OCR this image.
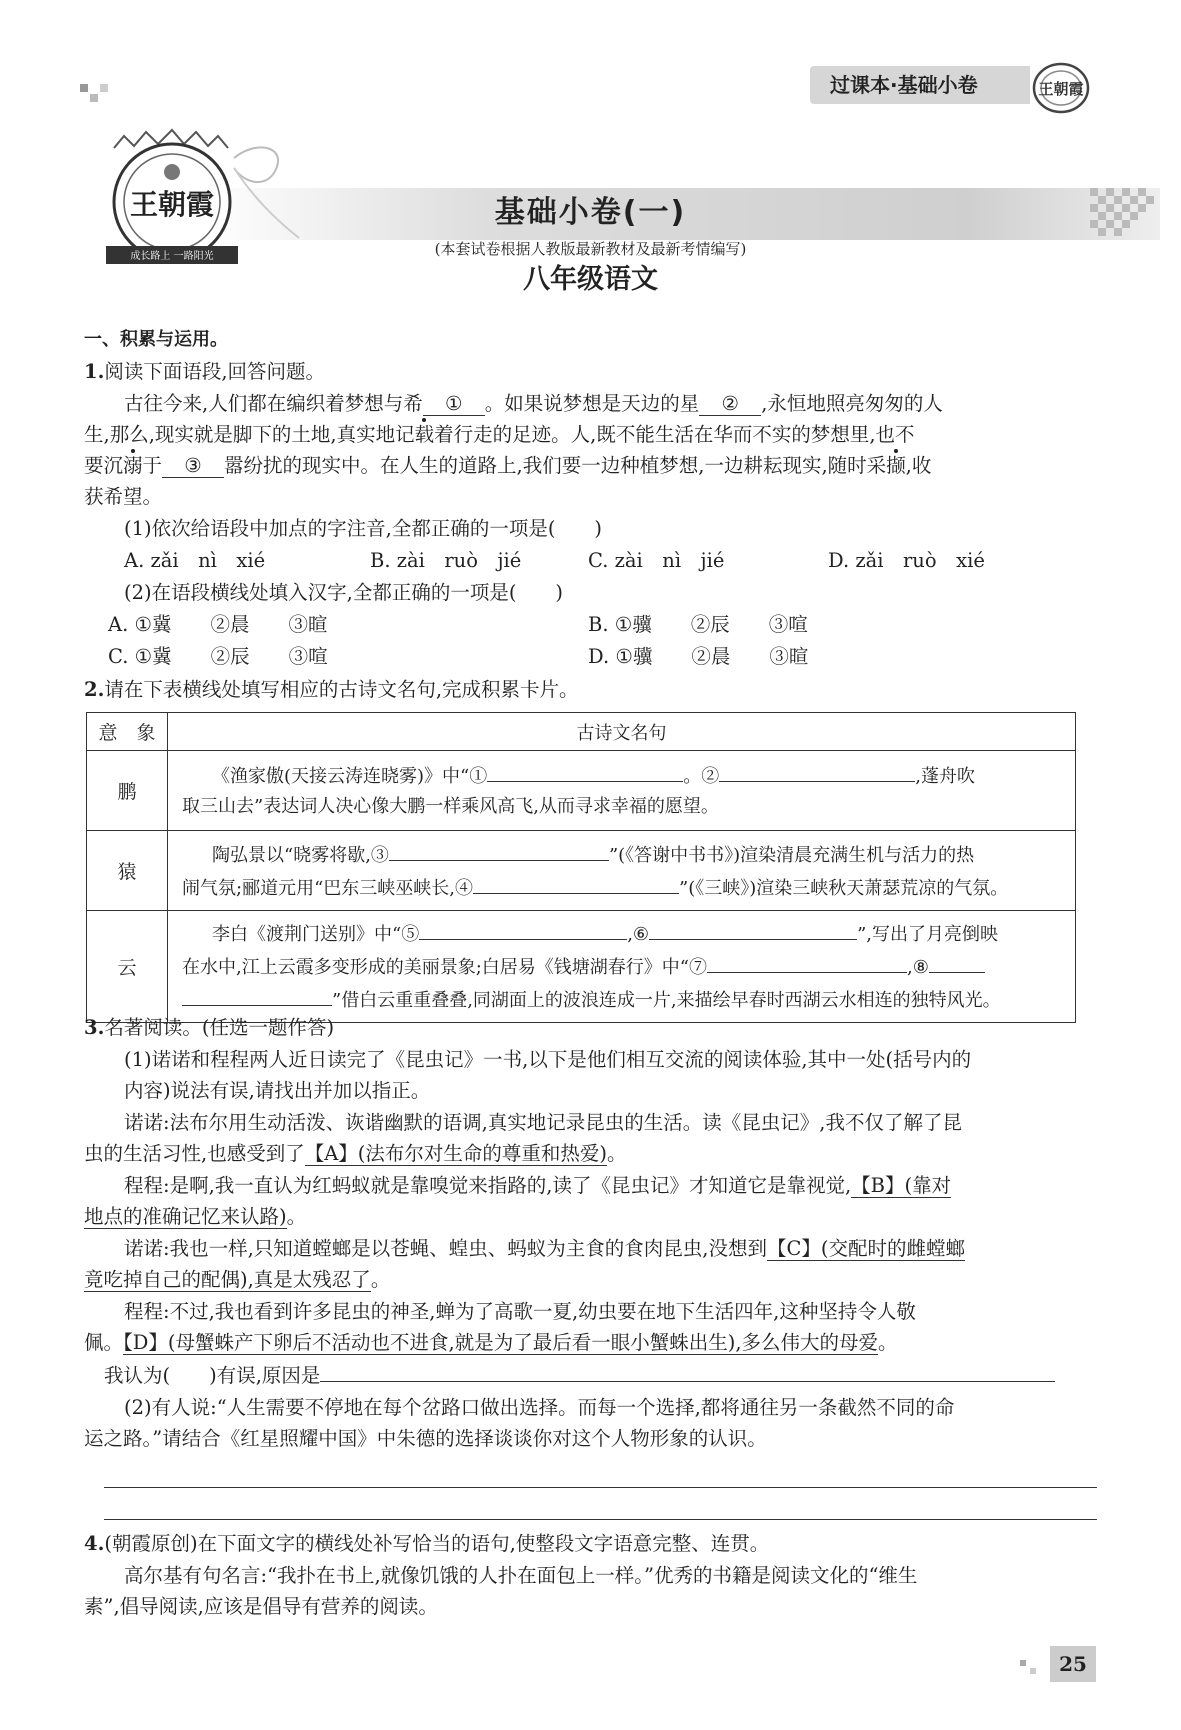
过课本·基础小卷	王朝霞
王朝霞
成长路上 一路阳光
基础小卷(一)
(本套试卷根据人教版最新教材及最新考情编写)
八年级语文
一、积累与运用。
1.阅读下面语段,回答问题。
古往今来,人们都在编织着梦想与希 ① 。如果说梦想是天边的星 ② ,永恒地照亮匆匆的人
生,那么,现实就是脚下的土地,真实地记载着行走的足迹。人,既不能生活在华而不实的梦想里,也不
要沉溺于 ③ 嚣纷扰的现实中。在人生的道路上,我们要一边种植梦想,一边耕耘现实,随时采撷,收
获希望。
(1)依次给语段中加点的字注音,全都正确的一项是(　　)
A. zǎi　nì　xié	B. zài　ruò　jié	C. zài　nì　jié	D. zǎi　ruò　xié
(2)在语段横线处填入汉字,全都正确的一项是(　　)
A. ①冀　　②晨　　③暄	B. ①骥　　②辰　　③喧
C. ①冀　　②辰　　③喧	D. ①骥　　②晨　　③暄
2.请在下表横线处填写相应的古诗文名句,完成积累卡片。
意　象	古诗文名句
鹏	《渔家傲(天接云涛连晓雾)》中“① 。② ,蓬舟吹
取三山去”表达词人决心像大鹏一样乘风高飞,从而寻求幸福的愿望。

猿	陶弘景以“晓雾将歇,③ ”(《答谢中书书》)渲染清晨充满生机与活力的热
闹气氛;郦道元用“巴东三峡巫峡长,④ ”(《三峡》)渲染三峡秋天萧瑟荒凉的气氛。

云	李白《渡荆门送别》中“⑤ ,⑥ ”,写出了月亮倒映
在水中,江上云霞多变形成的美丽景象;白居易《钱塘湖春行》中“⑦ ,⑧
”借白云重重叠叠,同湖面上的波浪连成一片,来描绘早春时西湖云水相连的独特风光。
3.名著阅读。(任选一题作答)
(1)诺诺和程程两人近日读完了《昆虫记》一书,以下是他们相互交流的阅读体验,其中一处(括号内的
内容)说法有误,请找出并加以指正。
诺诺:法布尔用生动活泼、诙谐幽默的语调,真实地记录昆虫的生活。读《昆虫记》,我不仅了解了昆
虫的生活习性,也感受到了【A】(法布尔对生命的尊重和热爱)。
程程:是啊,我一直认为红蚂蚁就是靠嗅觉来指路的,读了《昆虫记》才知道它是靠视觉,【B】(靠对
地点的准确记忆来认路)。
诺诺:我也一样,只知道螳螂是以苍蝇、蝗虫、蚂蚁为主食的食肉昆虫,没想到【C】(交配时的雌螳螂
竟吃掉自己的配偶),真是太残忍了。
程程:不过,我也看到许多昆虫的神圣,蝉为了高歌一夏,幼虫要在地下生活四年,这种坚持令人敬
佩。【D】(母蟹蛛产下卵后不活动也不进食,就是为了最后看一眼小蟹蛛出生),多么伟大的母爱。
我认为(　　)有误,原因是
(2)有人说:“人生需要不停地在每个岔路口做出选择。而每一个选择,都将通往另一条截然不同的命
运之路。”请结合《红星照耀中国》中朱德的选择谈谈你对这个人物形象的认识。
4.(朝霞原创)在下面文字的横线处补写恰当的语句,使整段文字语意完整、连贯。
高尔基有句名言:“我扑在书上,就像饥饿的人扑在面包上一样。”优秀的书籍是阅读文化的“维生
素”,倡导阅读,应该是倡导有营养的阅读。
25
